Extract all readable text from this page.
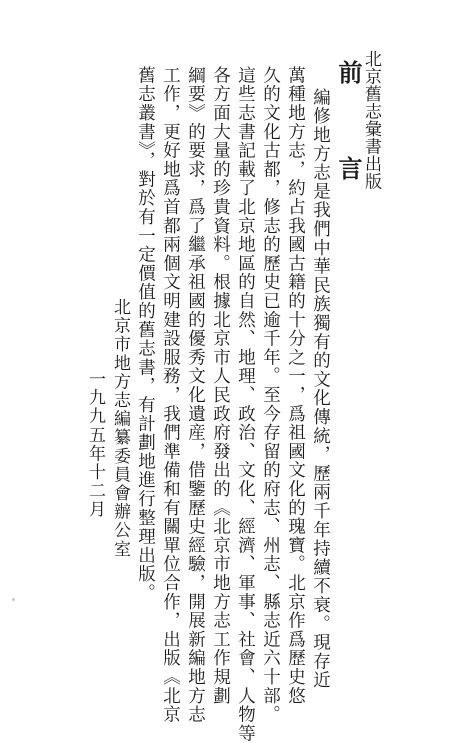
北京舊志彙書出版

前　言

編修地方志是我們中華民族獨有的文化傳統，歷兩千年持續不衰。現存近

萬種地方志，約占我國古籍的十分之一，爲祖國文化的瑰寶。北京作爲歷史悠

久的文化古都，修志的歷史已逾千年。至今存留的府志、州志、縣志近六十部。

這些志書記載了北京地區的自然、地理、政治、文化、經濟、軍事、社會、人物等

各方面大量的珍貴資料。根據北京市人民政府發出的《北京市地方志工作規劃

綱要》的要求，爲了繼承祖國的優秀文化遺産，借鑒歷史經驗，開展新編地方志

工作，更好地爲首都兩個文明建設服務，我們準備和有關單位合作，出版《北京

舊志叢書》，對於有一定價值的舊志書，有計劃地進行整理出版。

北京市地方志編纂委員會辦公室

一九九五年十二月
